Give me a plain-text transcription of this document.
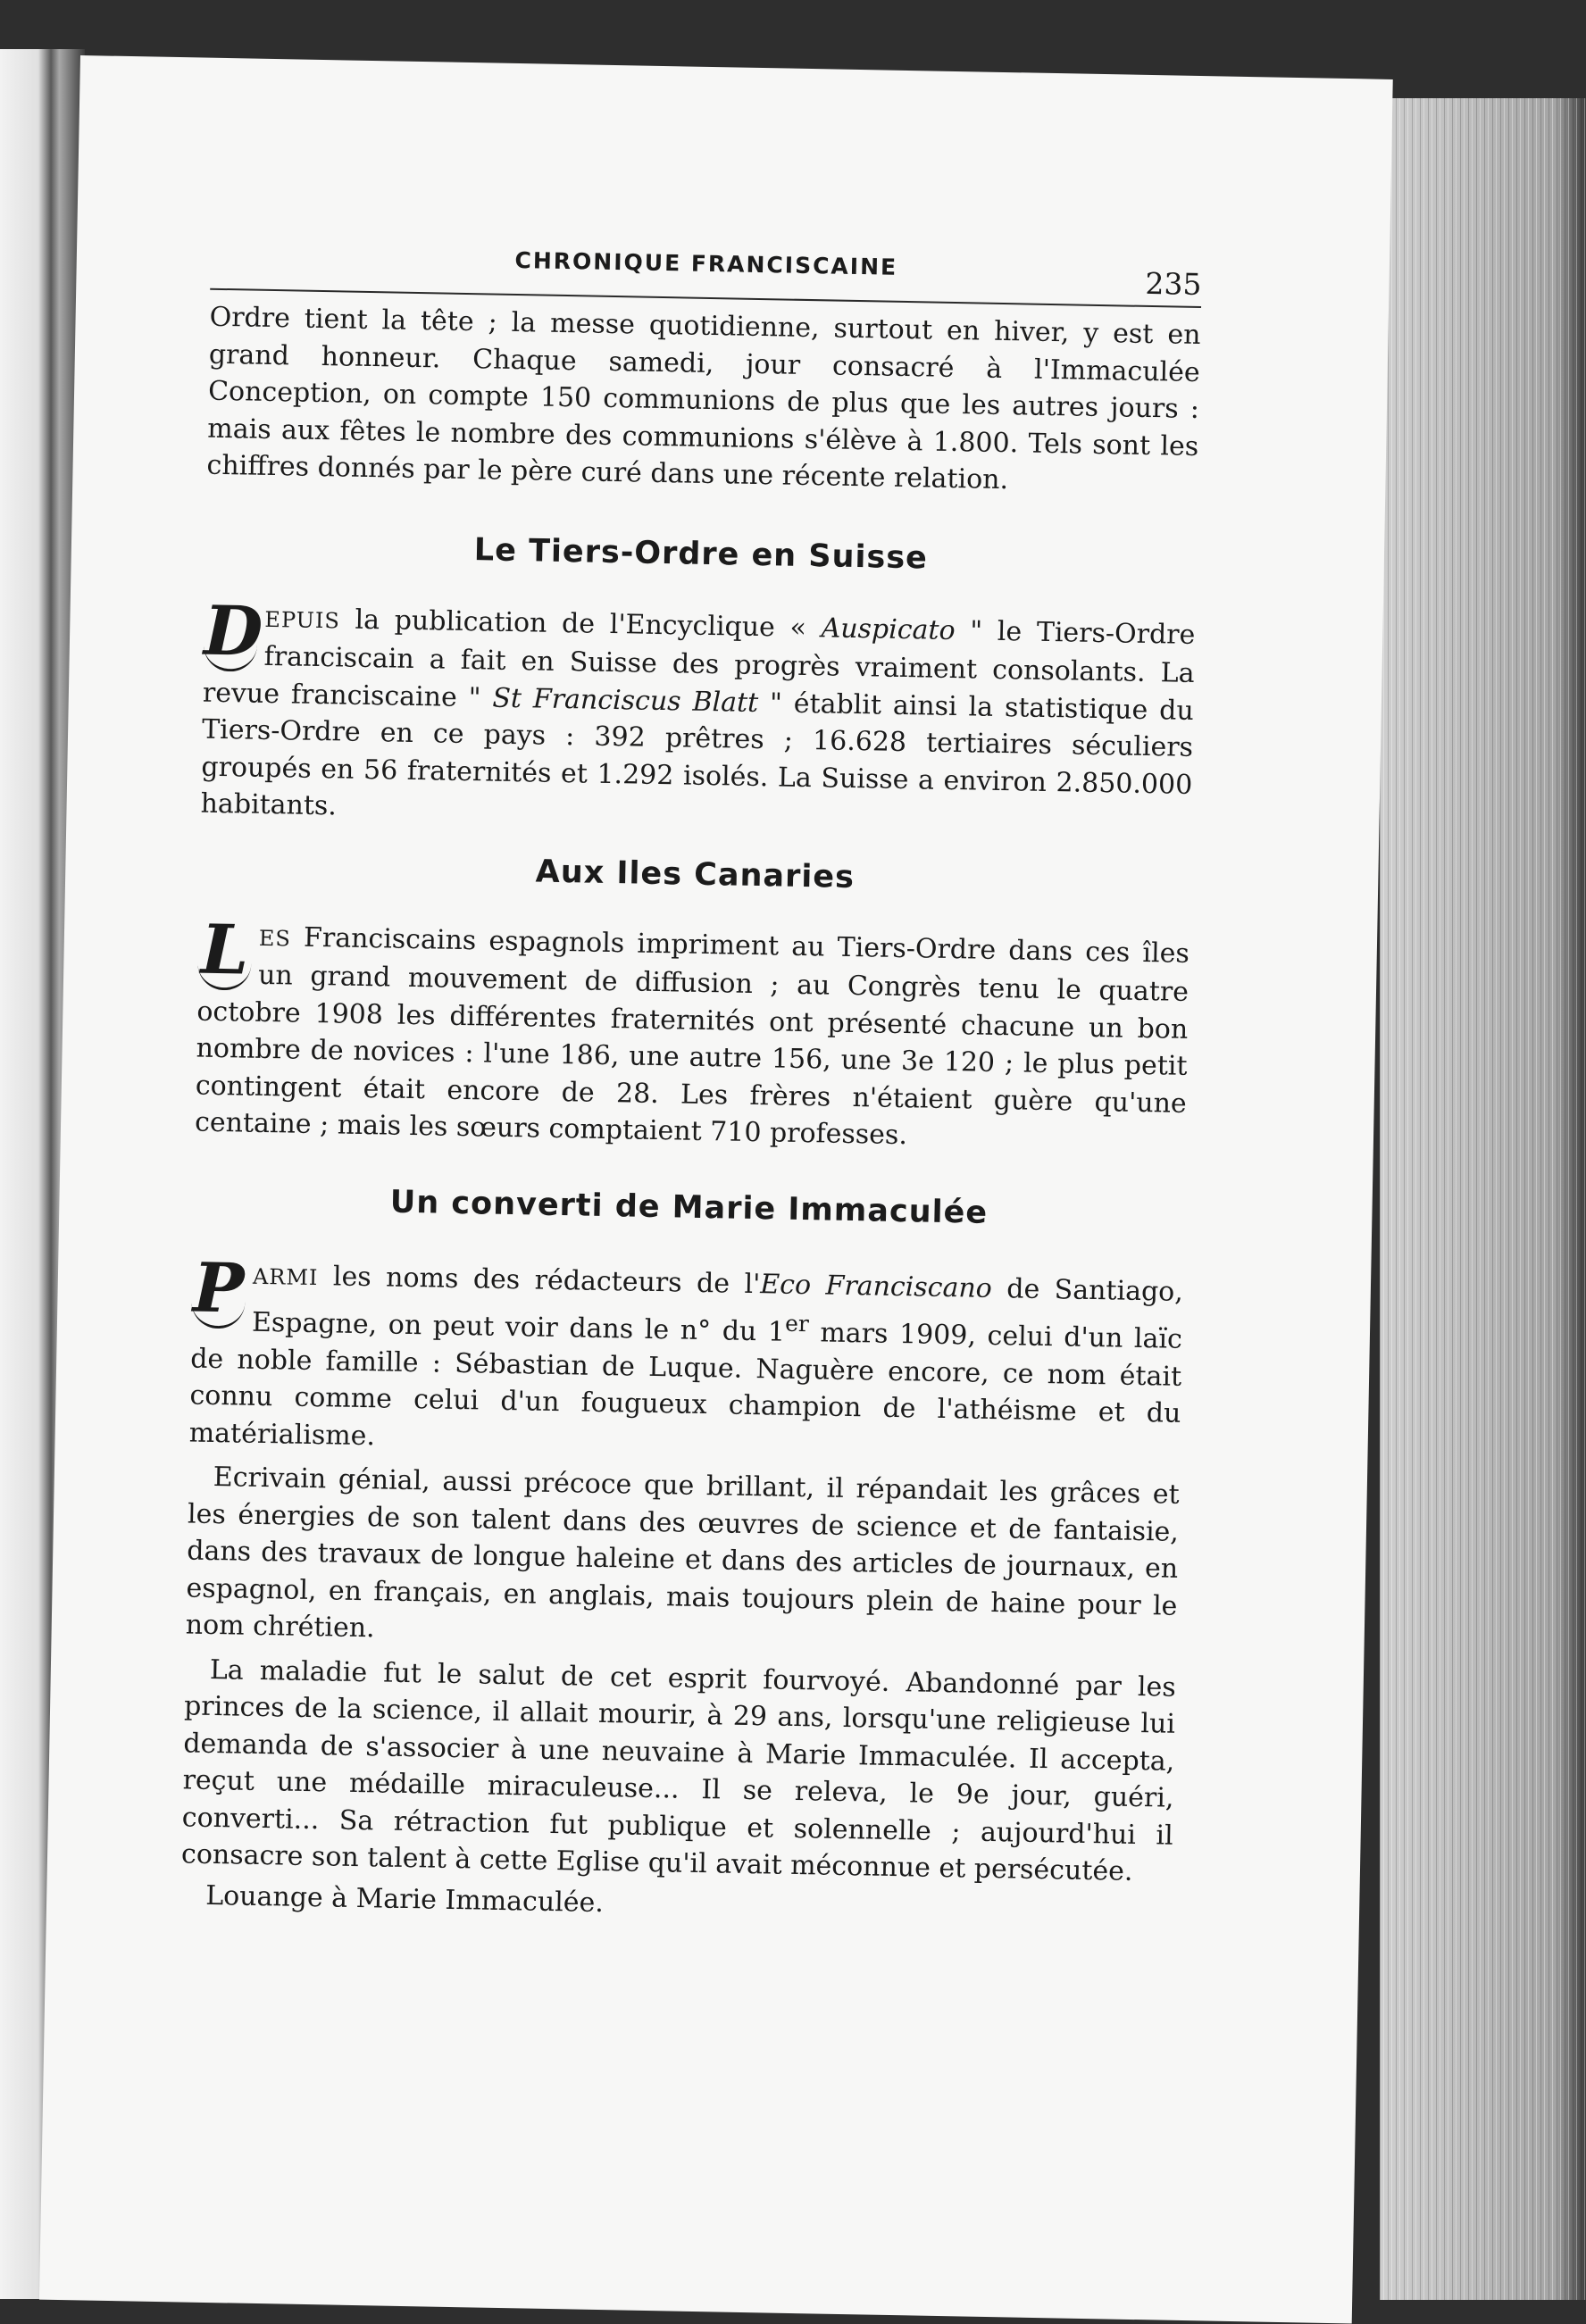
CHRONIQUE FRANCISCAINE
235

Ordre tient la tête ; la messe quotidienne, surtout en hiver, y est en grand honneur. Chaque samedi, jour consacré à l'Immaculée Conception, on compte 150 communions de plus que les autres jours : mais aux fêtes le nombre des communions s'élève à 1.800. Tels sont les chiffres donnés par le père curé dans une récente relation.

Le Tiers-Ordre en Suisse

D EPUIS la publication de l'Encyclique « Auspicato " le Tiers-Ordre franciscain a fait en Suisse des progrès vraiment consolants. La revue franciscaine " St Franciscus Blatt " établit ainsi la statistique du Tiers-Ordre en ce pays : 392 prêtres ; 16.628 tertiaires séculiers groupés en 56 fraternités et 1.292 isolés. La Suisse a environ 2.850.000 habitants.

Aux Iles Canaries

L ES Franciscains espagnols impriment au Tiers-Ordre dans ces îles un grand mouvement de diffusion ; au Congrès tenu le quatre octobre 1908 les différentes fraternités ont présenté chacune un bon nombre de novices : l'une 186, une autre 156, une 3e 120 ; le plus petit contingent était encore de 28. Les frères n'étaient guère qu'une centaine ; mais les sœurs comptaient 710 professes.

Un converti de Marie Immaculée

P ARMI les noms des rédacteurs de l'Eco Franciscano de Santiago, Espagne, on peut voir dans le n° du 1er mars 1909, celui d'un laïc de noble famille : Sébastian de Luque. Naguère encore, ce nom était connu comme celui d'un fougueux champion de l'athéisme et du matérialisme.

Ecrivain génial, aussi précoce que brillant, il répandait les grâces et les énergies de son talent dans des œuvres de science et de fantaisie, dans des travaux de longue haleine et dans des articles de journaux, en espagnol, en français, en anglais, mais toujours plein de haine pour le nom chrétien.

La maladie fut le salut de cet esprit fourvoyé. Abandonné par les princes de la science, il allait mourir, à 29 ans, lorsqu'une religieuse lui demanda de s'associer à une neuvaine à Marie Immaculée. Il accepta, reçut une médaille miraculeuse... Il se releva, le 9e jour, guéri, converti... Sa rétraction fut publique et solennelle ; aujourd'hui il consacre son talent à cette Eglise qu'il avait méconnue et persécutée.

Louange à Marie Immaculée.
